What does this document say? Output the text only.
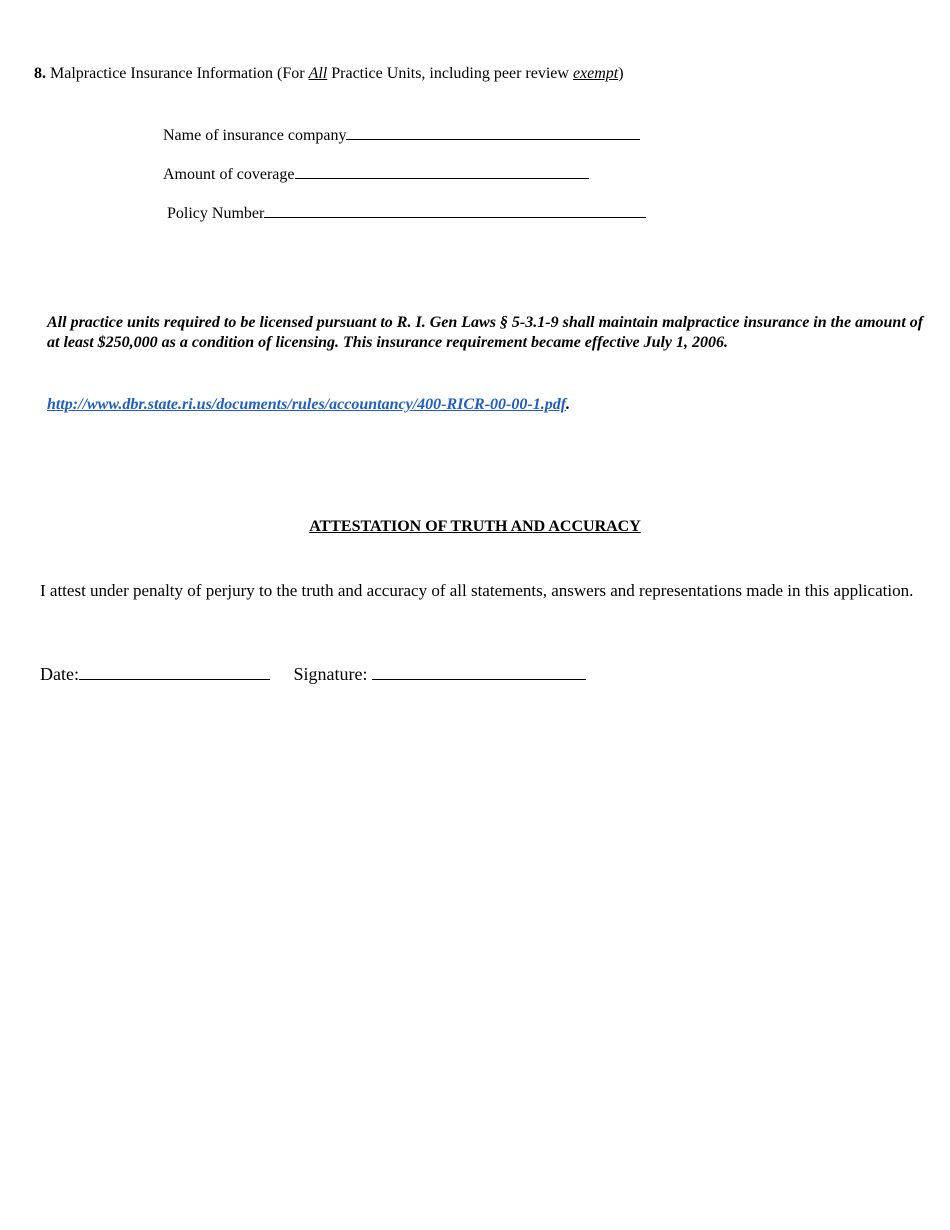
8. Malpractice Insurance Information (For All Practice Units, including peer review exempt)
Name of insurance company
Amount of coverage
Policy Number
All practice units required to be licensed pursuant to R. I. Gen Laws § 5-3.1-9 shall maintain malpractice insurance in the amount of at least $250,000 as a condition of licensing. This insurance requirement became effective July 1, 2006.
http://www.dbr.state.ri.us/documents/rules/accountancy/400-RICR-00-00-1.pdf.
ATTESTATION OF TRUTH AND ACCURACY
I attest under penalty of perjury to the truth and accuracy of all statements, answers and representations made in this application.
Date:	Signature:
